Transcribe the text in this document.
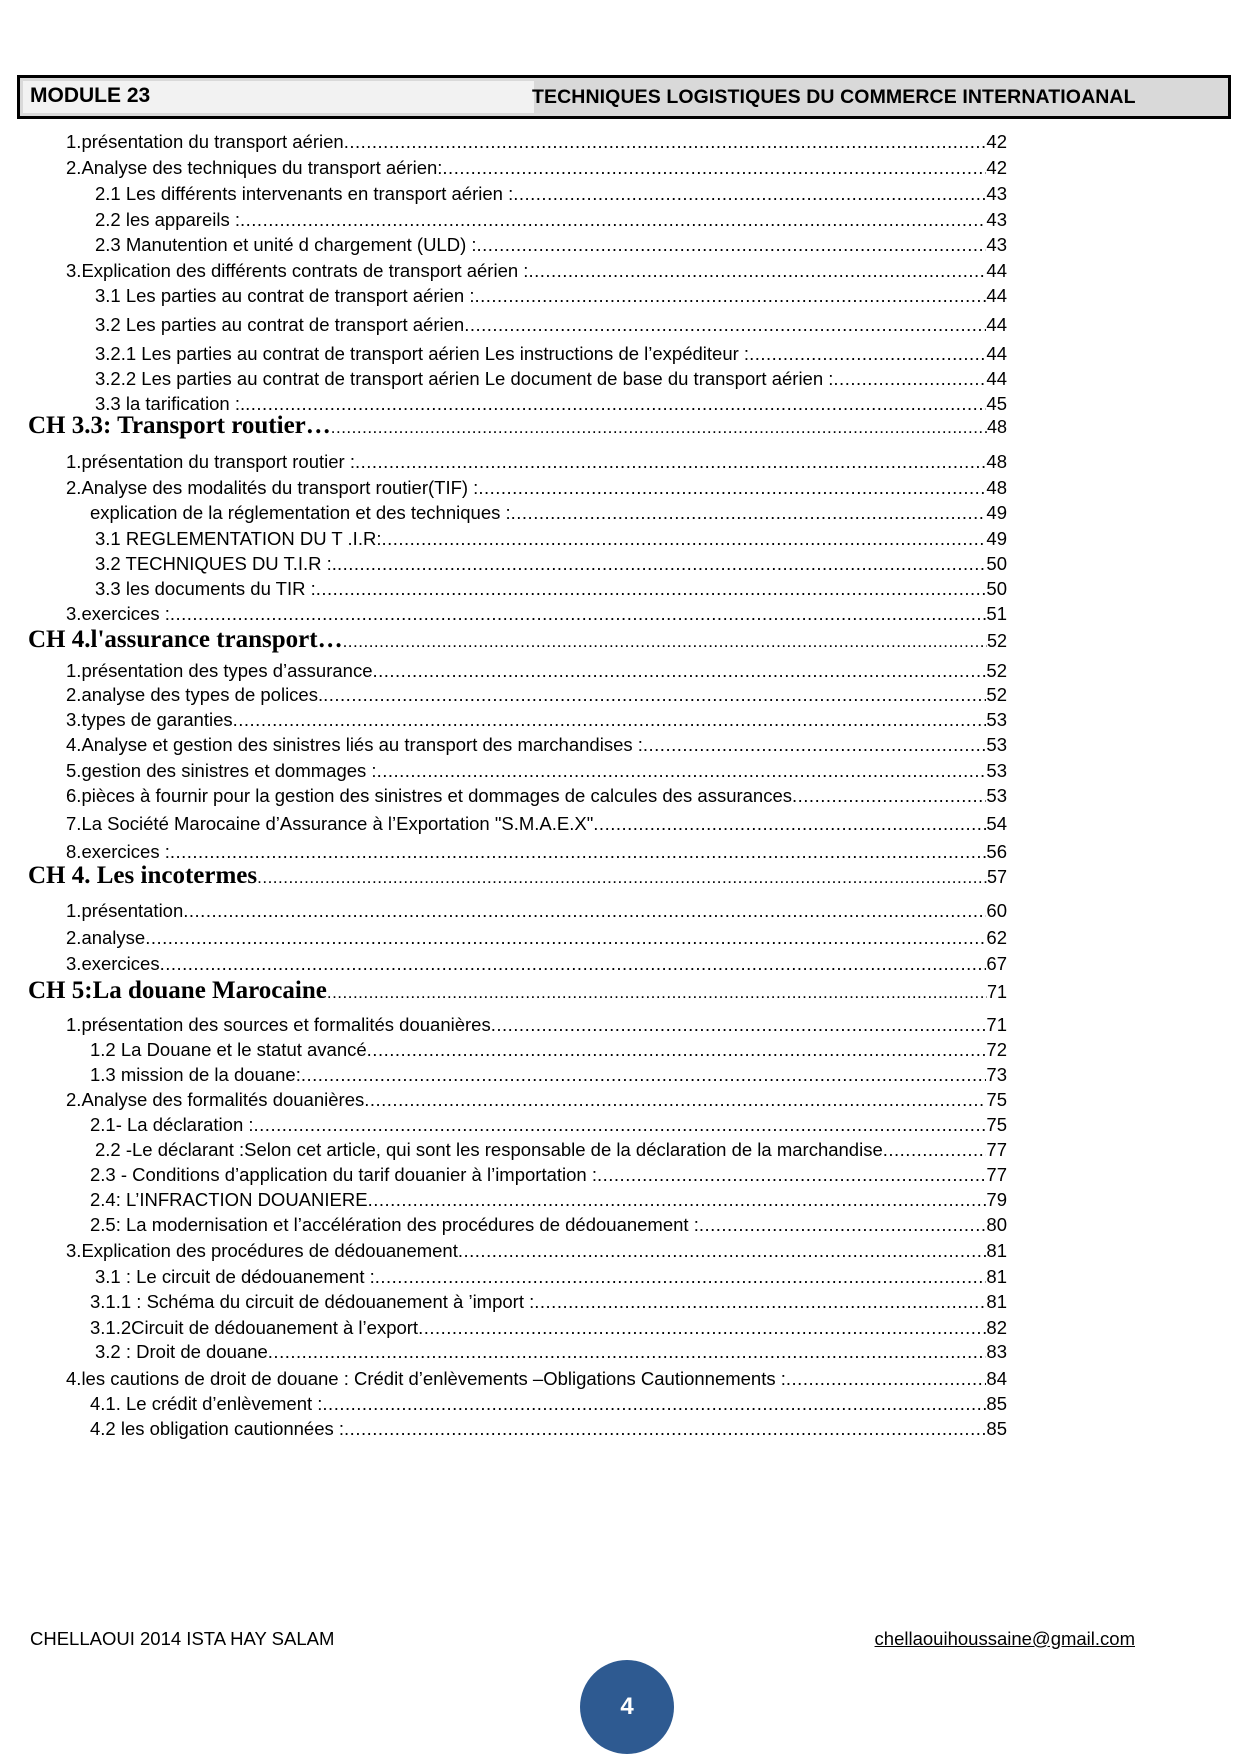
MODULE 23	TECHNIQUES LOGISTIQUES DU COMMERCE INTERNATIOANAL
1. présentation du transport aérien .....	42
2. Analyse des techniques du transport aérien: .....	42
2.1 Les différents intervenants en transport aérien : .....	43
2.2 les appareils : .....	43
2.3 Manutention et unité d chargement (ULD) : .....	43
3. Explication des différents contrats de transport aérien : .....	44
3.1 Les parties au contrat de transport aérien : .....	44
3.2 Les parties au contrat de transport aérien .....	44
3.2.1 Les parties au contrat de transport aérien Les instructions de l’expéditeur : .....	44
3.2.2 Les parties au contrat de transport aérien Le document de base du transport aérien : .....	44
3.3 la tarification :. .....	45
CH 3.3: Transport routier… .....	48
1. présentation du transport routier : .....	48
2. Analyse des modalités du transport routier(TIF) : .....	48
explication de la réglementation et des techniques : .....	49
3.1 REGLEMENTATION DU T .I.R: .....	49
3.2 TECHNIQUES DU T.I.R :. .....	50
3.3 les documents du TIR : .....	50
3. exercices : .....	51
CH 4.l'assurance transport… .....	52
1. présentation des types d’assurance .....	52
2. analyse des types de polices. .....	52
3. types de garanties .....	53
4. Analyse et gestion des sinistres liés au transport des marchandises : .....	53
5. gestion des sinistres et dommages : .....	53
6. pièces à fournir pour la gestion des sinistres et dommages de calcules des assurances .....	53
7. La Société Marocaine d’Assurance à l’Exportation "S.M.A.E.X" .....	54
8. exercices : .....	56
CH 4. Les incotermes .....	57
1. présentation .....	60
2. analyse .....	62
3. exercices .....	67
CH 5:La douane Marocaine .....	71
1. présentation des sources et formalités douanières .....	71
1.2 La Douane et le statut avancé .....	72
1.3 mission de la douane: .....	73
2. Analyse des formalités douanières .....	75
2.1- La déclaration : .....	75
2.2 -Le déclarant :Selon cet article, qui sont les responsable de la déclaration de la marchandise .....	77
2.3 - Conditions d’application du tarif douanier à l’importation : .....	77
2.4: L’INFRACTION DOUANIERE .....	79
2.5: La modernisation et l’accélération des procédures de dédouanement : .....	80
3. Explication des procédures de dédouanement .....	81
3.1 : Le circuit de dédouanement : .....	81
3.1.1 : Schéma du circuit de dédouanement à ’import : .....	81
3.1.2Circuit de dédouanement à l’export .....	82
3.2 : Droit de douane .....	83
4. les cautions de droit de douane : Crédit d’enlèvements –Obligations Cautionnements : .....	84
4.1. Le crédit d’enlèvement : .....	85
4.2 les obligation cautionnées : .....	85
CHELLAOUI 2014 ISTA HAY SALAM	chellaouihoussaine@gmail.com
4
